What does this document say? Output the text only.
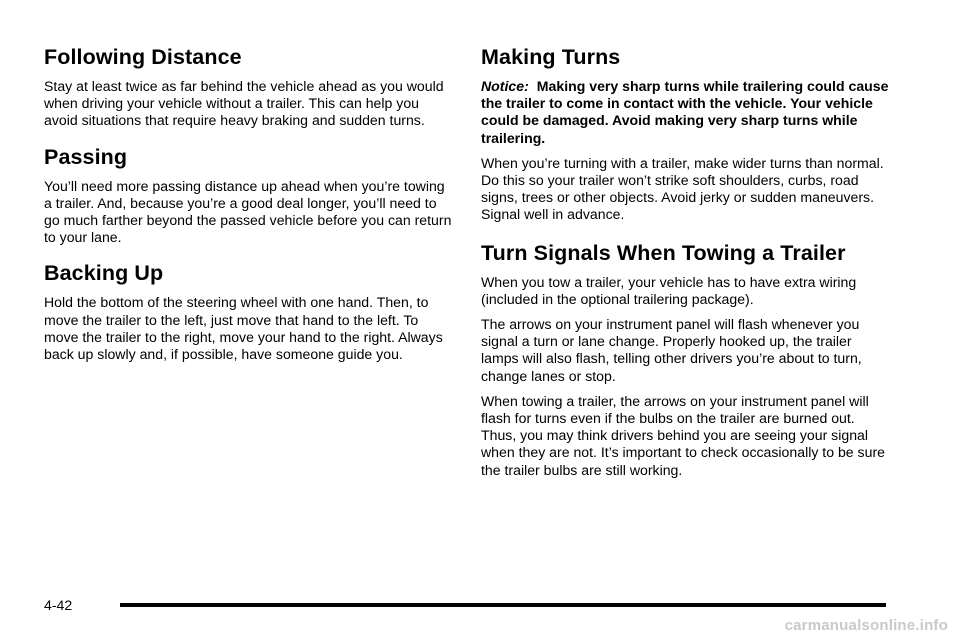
Following Distance

Stay at least twice as far behind the vehicle ahead as you would when driving your vehicle without a trailer. This can help you avoid situations that require heavy braking and sudden turns.

Passing

You’ll need more passing distance up ahead when you’re towing a trailer. And, because you’re a good deal longer, you’ll need to go much farther beyond the passed vehicle before you can return to your lane.

Backing Up

Hold the bottom of the steering wheel with one hand. Then, to move the trailer to the left, just move that hand to the left. To move the trailer to the right, move your hand to the right. Always back up slowly and, if possible, have someone guide you.

Making Turns

Notice: Making very sharp turns while trailering could cause the trailer to come in contact with the vehicle. Your vehicle could be damaged. Avoid making very sharp turns while trailering.

When you’re turning with a trailer, make wider turns than normal. Do this so your trailer won’t strike soft shoulders, curbs, road signs, trees or other objects. Avoid jerky or sudden maneuvers. Signal well in advance.

Turn Signals When Towing a Trailer

When you tow a trailer, your vehicle has to have extra wiring (included in the optional trailering package).

The arrows on your instrument panel will flash whenever you signal a turn or lane change. Properly hooked up, the trailer lamps will also flash, telling other drivers you’re about to turn, change lanes or stop.

When towing a trailer, the arrows on your instrument panel will flash for turns even if the bulbs on the trailer are burned out. Thus, you may think drivers behind you are seeing your signal when they are not. It’s important to check occasionally to be sure the trailer bulbs are still working.

4-42
carmanualsonline.info
